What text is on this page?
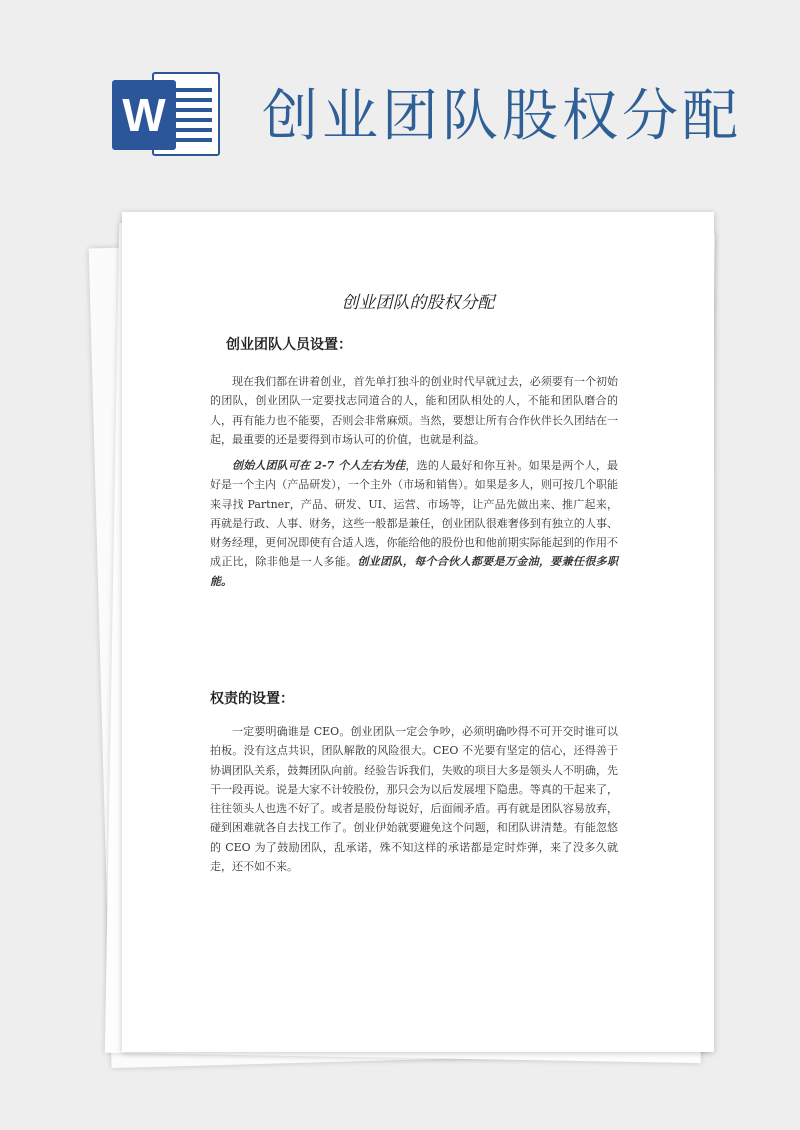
W 创业团队股权分配
创业团队的股权分配
创业团队人员设置：

现在我们都在讲着创业，首先单打独斗的创业时代早就过去，必须要有一个初始的团队，创业团队一定要找志同道合的人，能和团队相处的人，不能和团队磨合的人，再有能力也不能要，否则会非常麻烦。当然，要想让所有合作伙伴长久团结在一起，最重要的还是要得到市场认可的价值，也就是利益。

创始人团队可在 2-7 个人左右为佳，选的人最好和你互补。如果是两个人，最好是一个主内（产品研发），一个主外（市场和销售）。如果是多人，则可按几个职能来寻找 Partner，产品、研发、UI、运营、市场等，让产品先做出来、推广起来，再就是行政、人事、财务，这些一般都是兼任，创业团队很难奢侈到有独立的人事、财务经理，更何况即使有合适人选，你能给他的股份也和他前期实际能起到的作用不成正比，除非他是一人多能。创业团队，每个合伙人都要是万金油，要兼任很多职能。

权责的设置：

一定要明确谁是 CEO。创业团队一定会争吵，必须明确吵得不可开交时谁可以拍板。没有这点共识，团队解散的风险很大。CEO 不光要有坚定的信心，还得善于协调团队关系，鼓舞团队向前。经验告诉我们，失败的项目大多是领头人不明确，先干一段再说。说是大家不计较股份，那只会为以后发展埋下隐患。等真的干起来了，往往领头人也选不好了。或者是股份每说好，后面闹矛盾。再有就是团队容易放弃，碰到困难就各自去找工作了。创业伊始就要避免这个问题，和团队讲清楚。有能忽悠的 CEO 为了鼓励团队，乱承诺，殊不知这样的承诺都是定时炸弹，来了没多久就走，还不如不来。
